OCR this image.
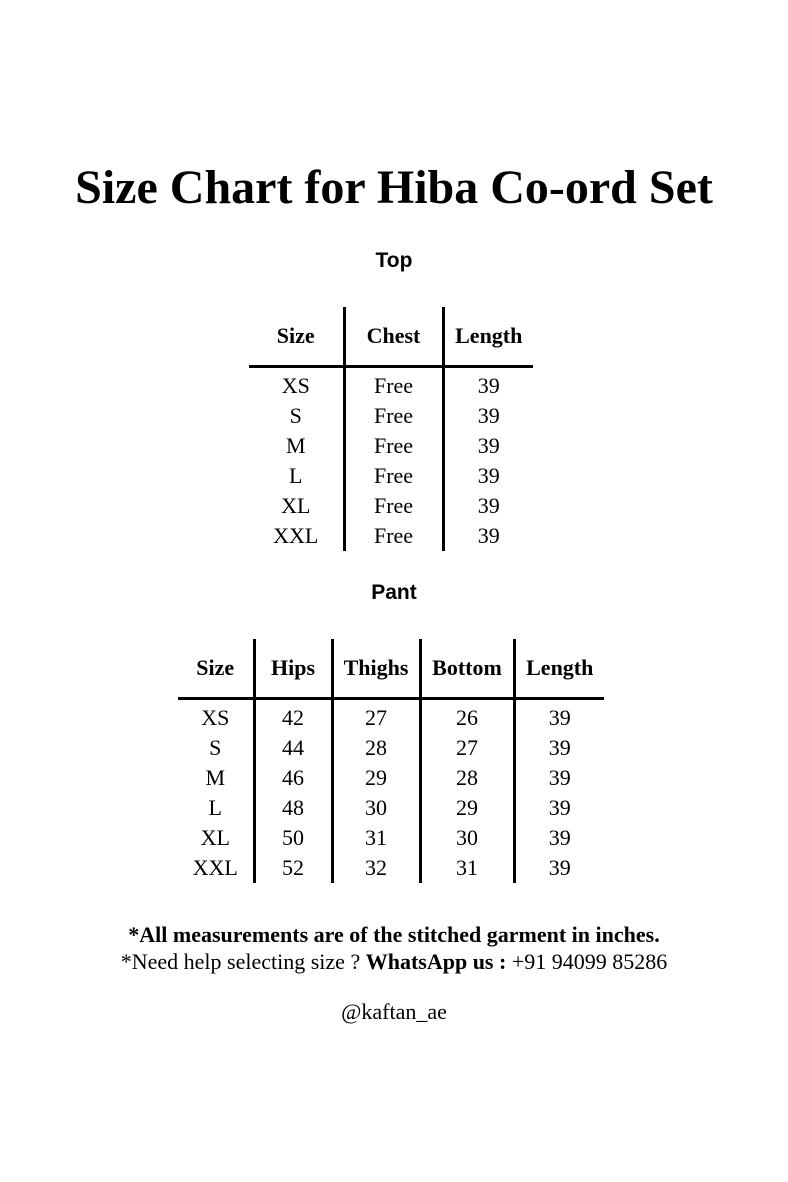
Size Chart for Hiba Co-ord Set
Top
Size	Chest	Length

XS	Free	39
S	Free	39
M	Free	39
L	Free	39
XL	Free	39
XXL	Free	39
Pant
Size	Hips	Thighs	Bottom	Length

XS	42	27	26	39
S	44	28	27	39
M	46	29	28	39
L	48	30	29	39
XL	50	31	30	39
XXL	52	32	31	39

*All measurements are of the stitched garment in inches.

*Need help selecting size ? WhatsApp us : +91 94099 85286

@kaftan_ae
